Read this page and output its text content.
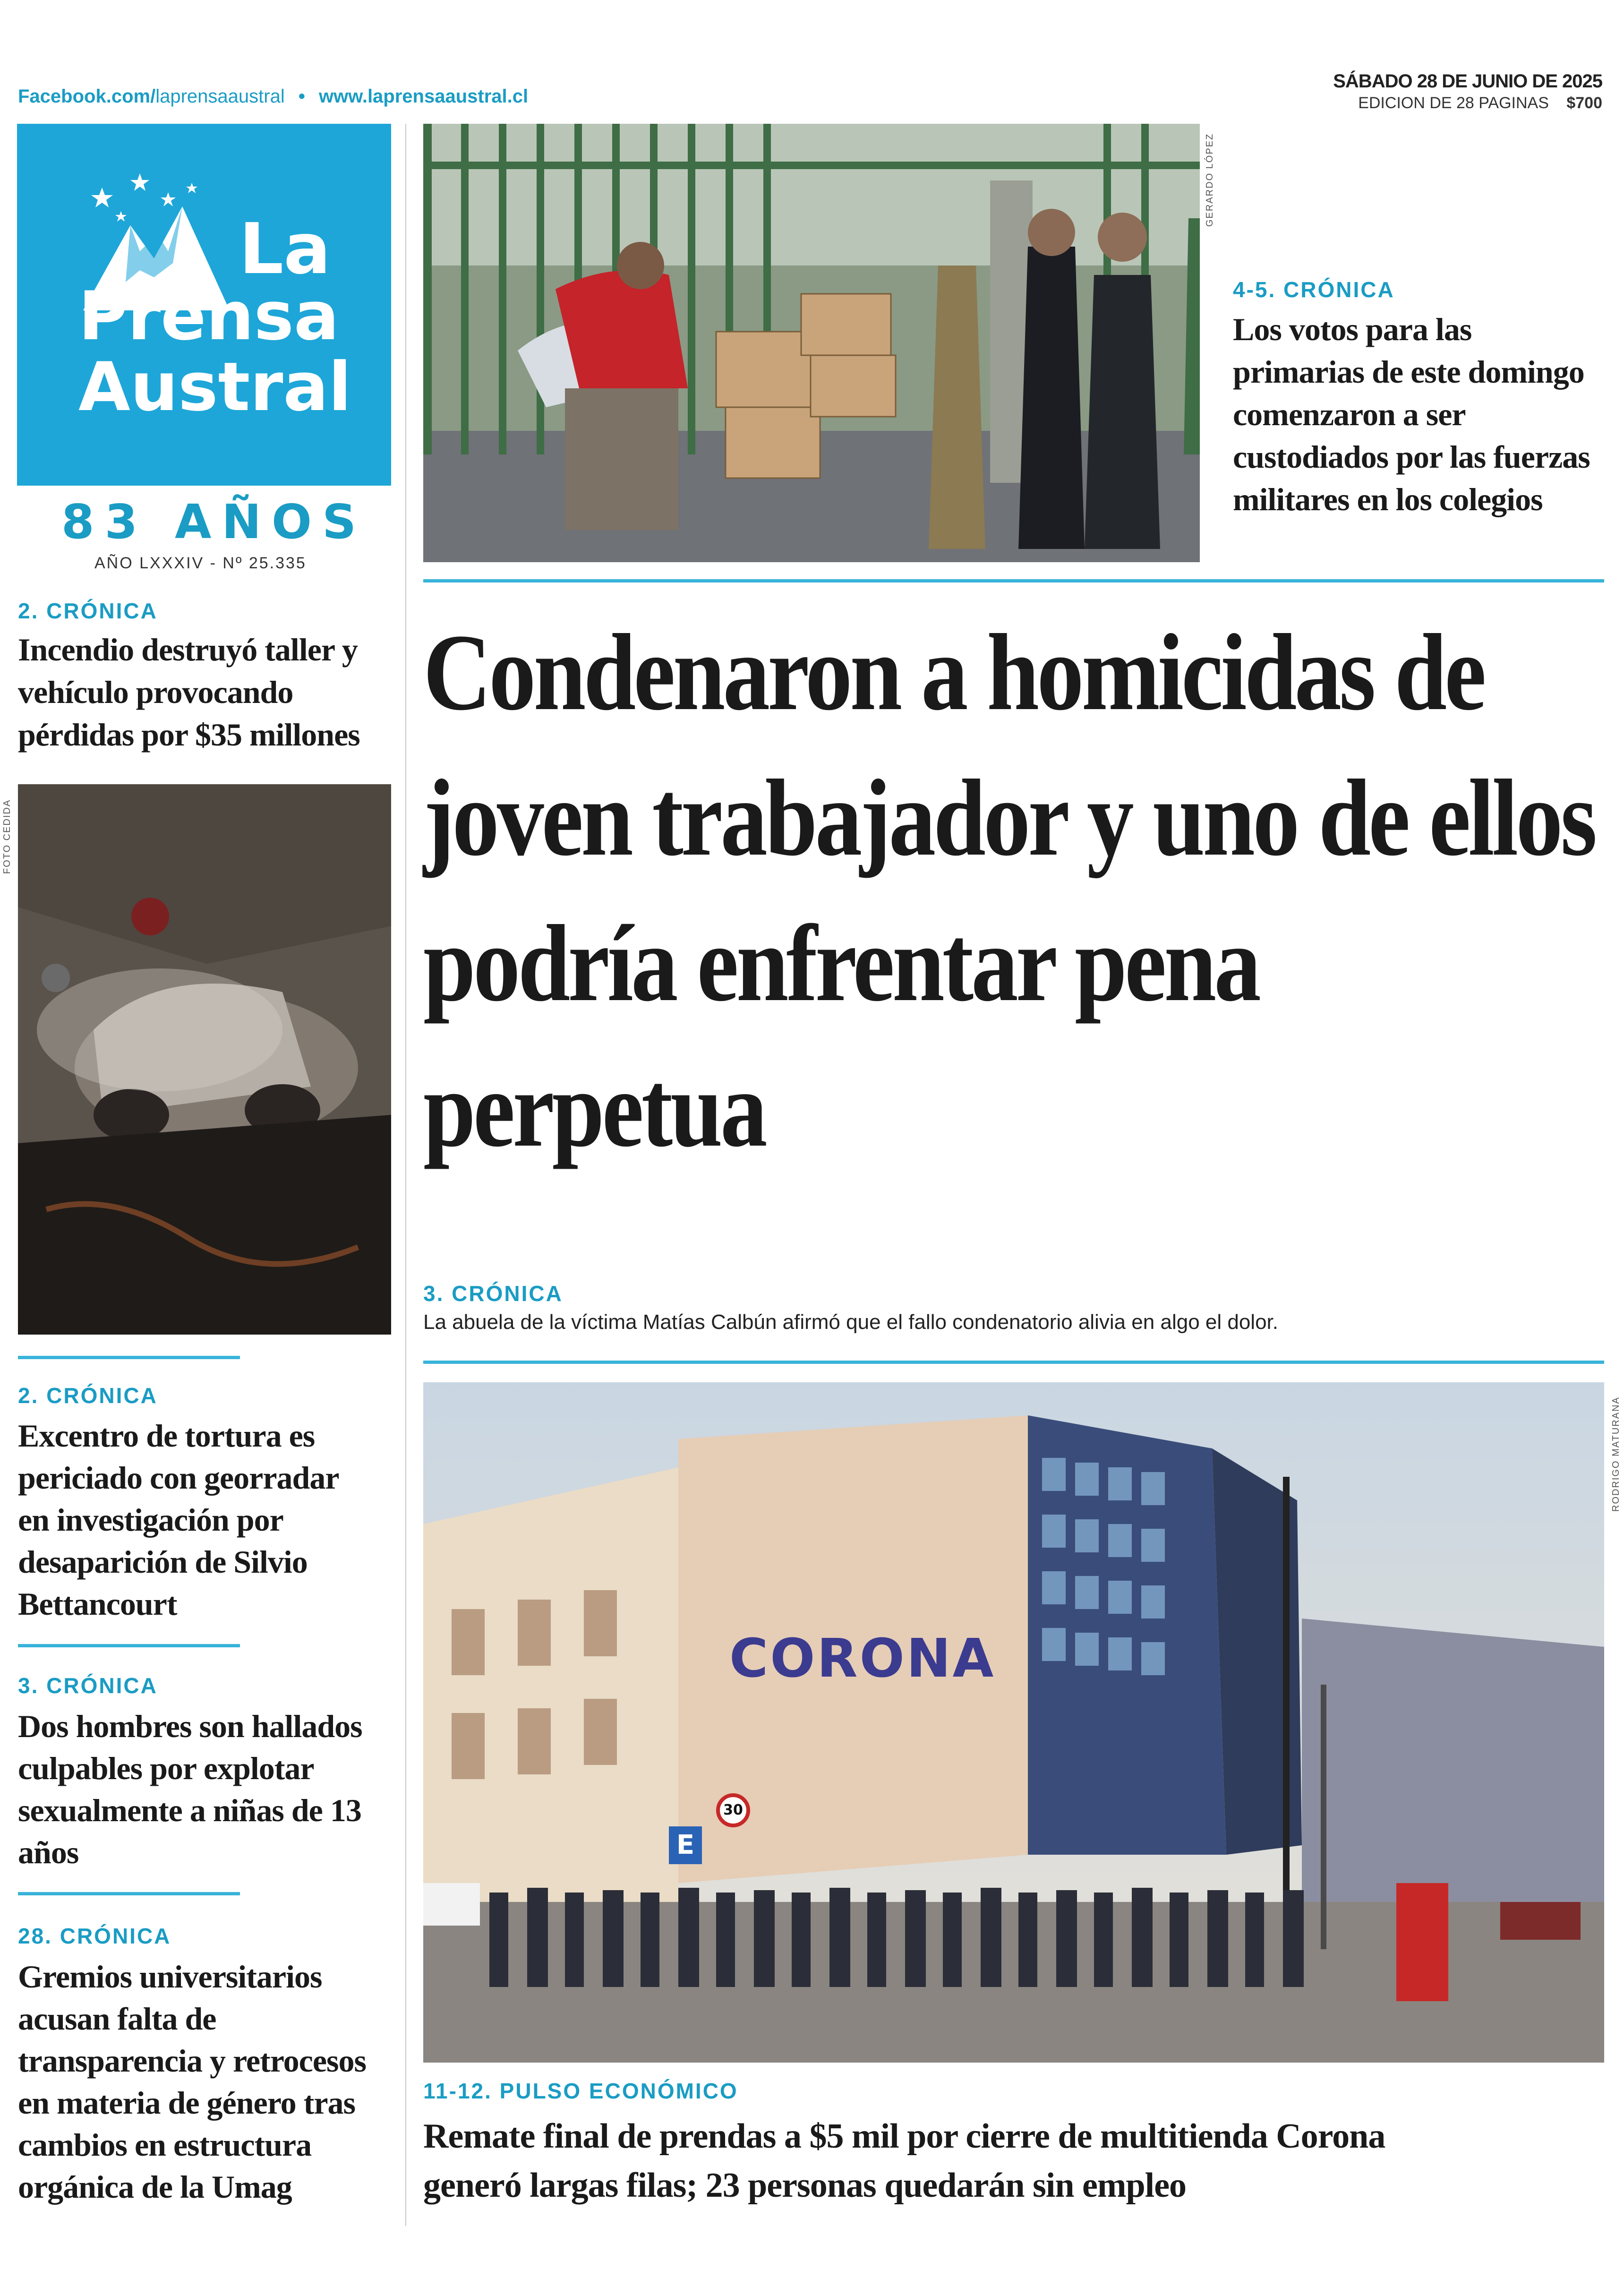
Facebook.com/laprensaaustral • www.laprensaaustral.cl
SÁBADO 28 DE JUNIO DE 2025
EDICION DE 28 PAGINAS $700
La
Prensa
Austral
83 AÑOS
AÑO LXXXIV - Nº 25.335
GERARDO LÓPEZ
4-5. CRÓNICA
Los votos para las primarias de este domingo comenzaron a ser custodiados por las fuerzas militares en los colegios
Condenaron a homicidas de joven trabajador y uno de ellos podría enfrentar pena perpetua
3. CRÓNICA
La abuela de la víctima Matías Calbún afirmó que el fallo condenatorio alivia en algo el dolor.
CORONA
E
30
RODRIGO MATURANA
11-12. PULSO ECONÓMICO
Remate final de prendas a $5 mil por cierre de multitienda Corona generó largas filas; 23 personas quedarán sin empleo
2. CRÓNICA
Incendio destruyó taller y vehículo provocando pérdidas por $35 millones
FOTO CEDIDA
2. CRÓNICA
Excentro de tortura es periciado con georradar en investigación por desaparición de Silvio Bettancourt
3. CRÓNICA
Dos hombres son hallados culpables por explotar sexualmente a niñas de 13 años
28. CRÓNICA
Gremios universitarios acusan falta de transparencia y retrocesos en materia de género tras cambios en estructura orgánica de la Umag
